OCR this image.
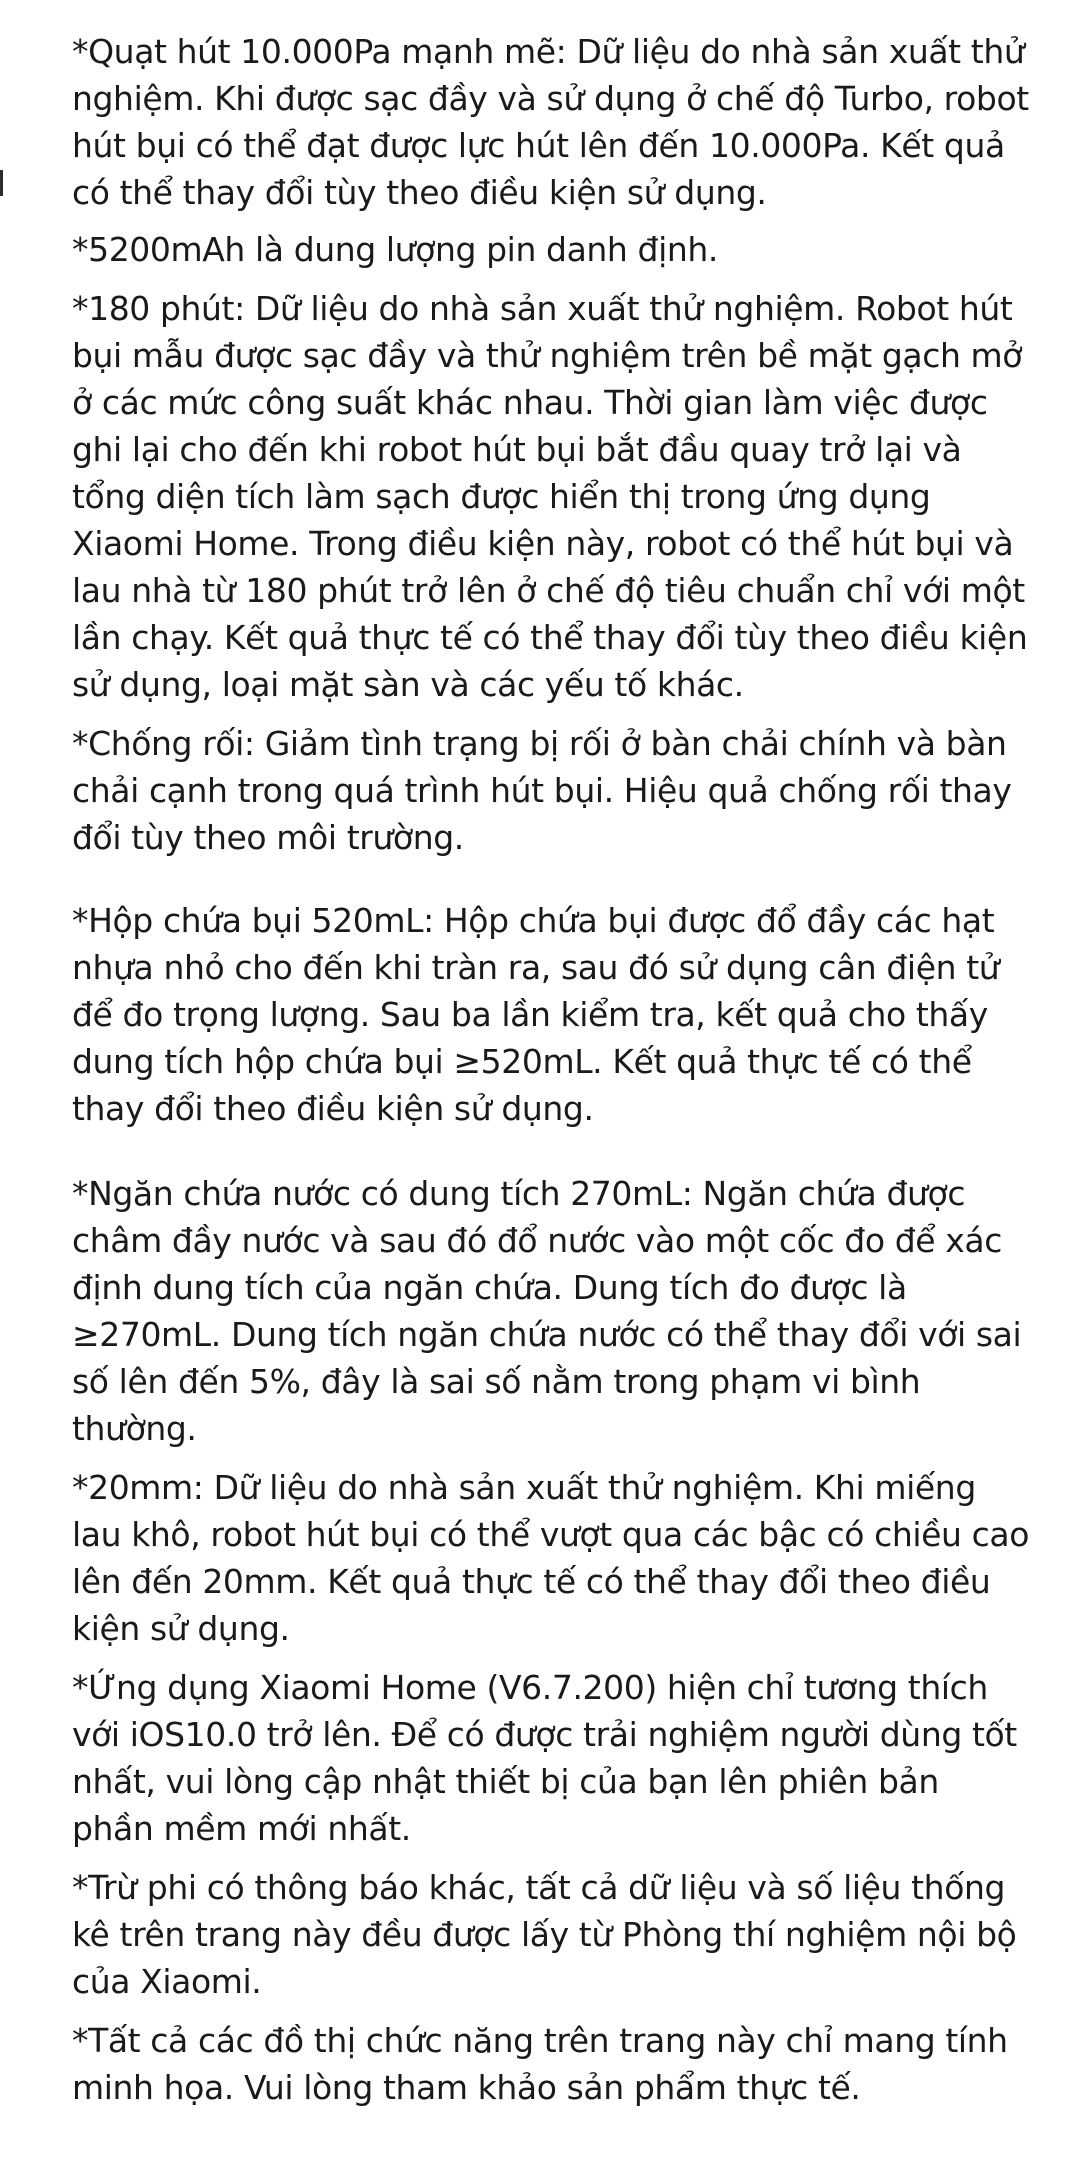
*Quạt hút 10.000Pa mạnh mẽ: Dữ liệu do nhà sản xuất thử nghiệm. Khi được sạc đầy và sử dụng ở chế độ Turbo, robot hút bụi có thể đạt được lực hút lên đến 10.000Pa. Kết quả có thể thay đổi tùy theo điều kiện sử dụng.

*5200mAh là dung lượng pin danh định.

*180 phút: Dữ liệu do nhà sản xuất thử nghiệm. Robot hút bụi mẫu được sạc đầy và thử nghiệm trên bề mặt gạch mở ở các mức công suất khác nhau. Thời gian làm việc được ghi lại cho đến khi robot hút bụi bắt đầu quay trở lại và tổng diện tích làm sạch được hiển thị trong ứng dụng Xiaomi Home. Trong điều kiện này, robot có thể hút bụi và lau nhà từ 180 phút trở lên ở chế độ tiêu chuẩn chỉ với một lần chạy. Kết quả thực tế có thể thay đổi tùy theo điều kiện sử dụng, loại mặt sàn và các yếu tố khác.

*Chống rối: Giảm tình trạng bị rối ở bàn chải chính và bàn chải cạnh trong quá trình hút bụi. Hiệu quả chống rối thay đổi tùy theo môi trường.

*Hộp chứa bụi 520mL: Hộp chứa bụi được đổ đầy các hạt nhựa nhỏ cho đến khi tràn ra, sau đó sử dụng cân điện tử để đo trọng lượng. Sau ba lần kiểm tra, kết quả cho thấy dung tích hộp chứa bụi ≥520mL. Kết quả thực tế có thể thay đổi theo điều kiện sử dụng.

*Ngăn chứa nước có dung tích 270mL: Ngăn chứa được châm đầy nước và sau đó đổ nước vào một cốc đo để xác định dung tích của ngăn chứa. Dung tích đo được là ≥270mL. Dung tích ngăn chứa nước có thể thay đổi với sai số lên đến 5%, đây là sai số nằm trong phạm vi bình thường.

*20mm: Dữ liệu do nhà sản xuất thử nghiệm. Khi miếng lau khô, robot hút bụi có thể vượt qua các bậc có chiều cao lên đến 20mm. Kết quả thực tế có thể thay đổi theo điều kiện sử dụng.

*Ứng dụng Xiaomi Home (V6.7.200) hiện chỉ tương thích với iOS10.0 trở lên. Để có được trải nghiệm người dùng tốt nhất, vui lòng cập nhật thiết bị của bạn lên phiên bản phần mềm mới nhất.

*Trừ phi có thông báo khác, tất cả dữ liệu và số liệu thống kê trên trang này đều được lấy từ Phòng thí nghiệm nội bộ của Xiaomi.

*Tất cả các đồ thị chức năng trên trang này chỉ mang tính minh họa. Vui lòng tham khảo sản phẩm thực tế.
